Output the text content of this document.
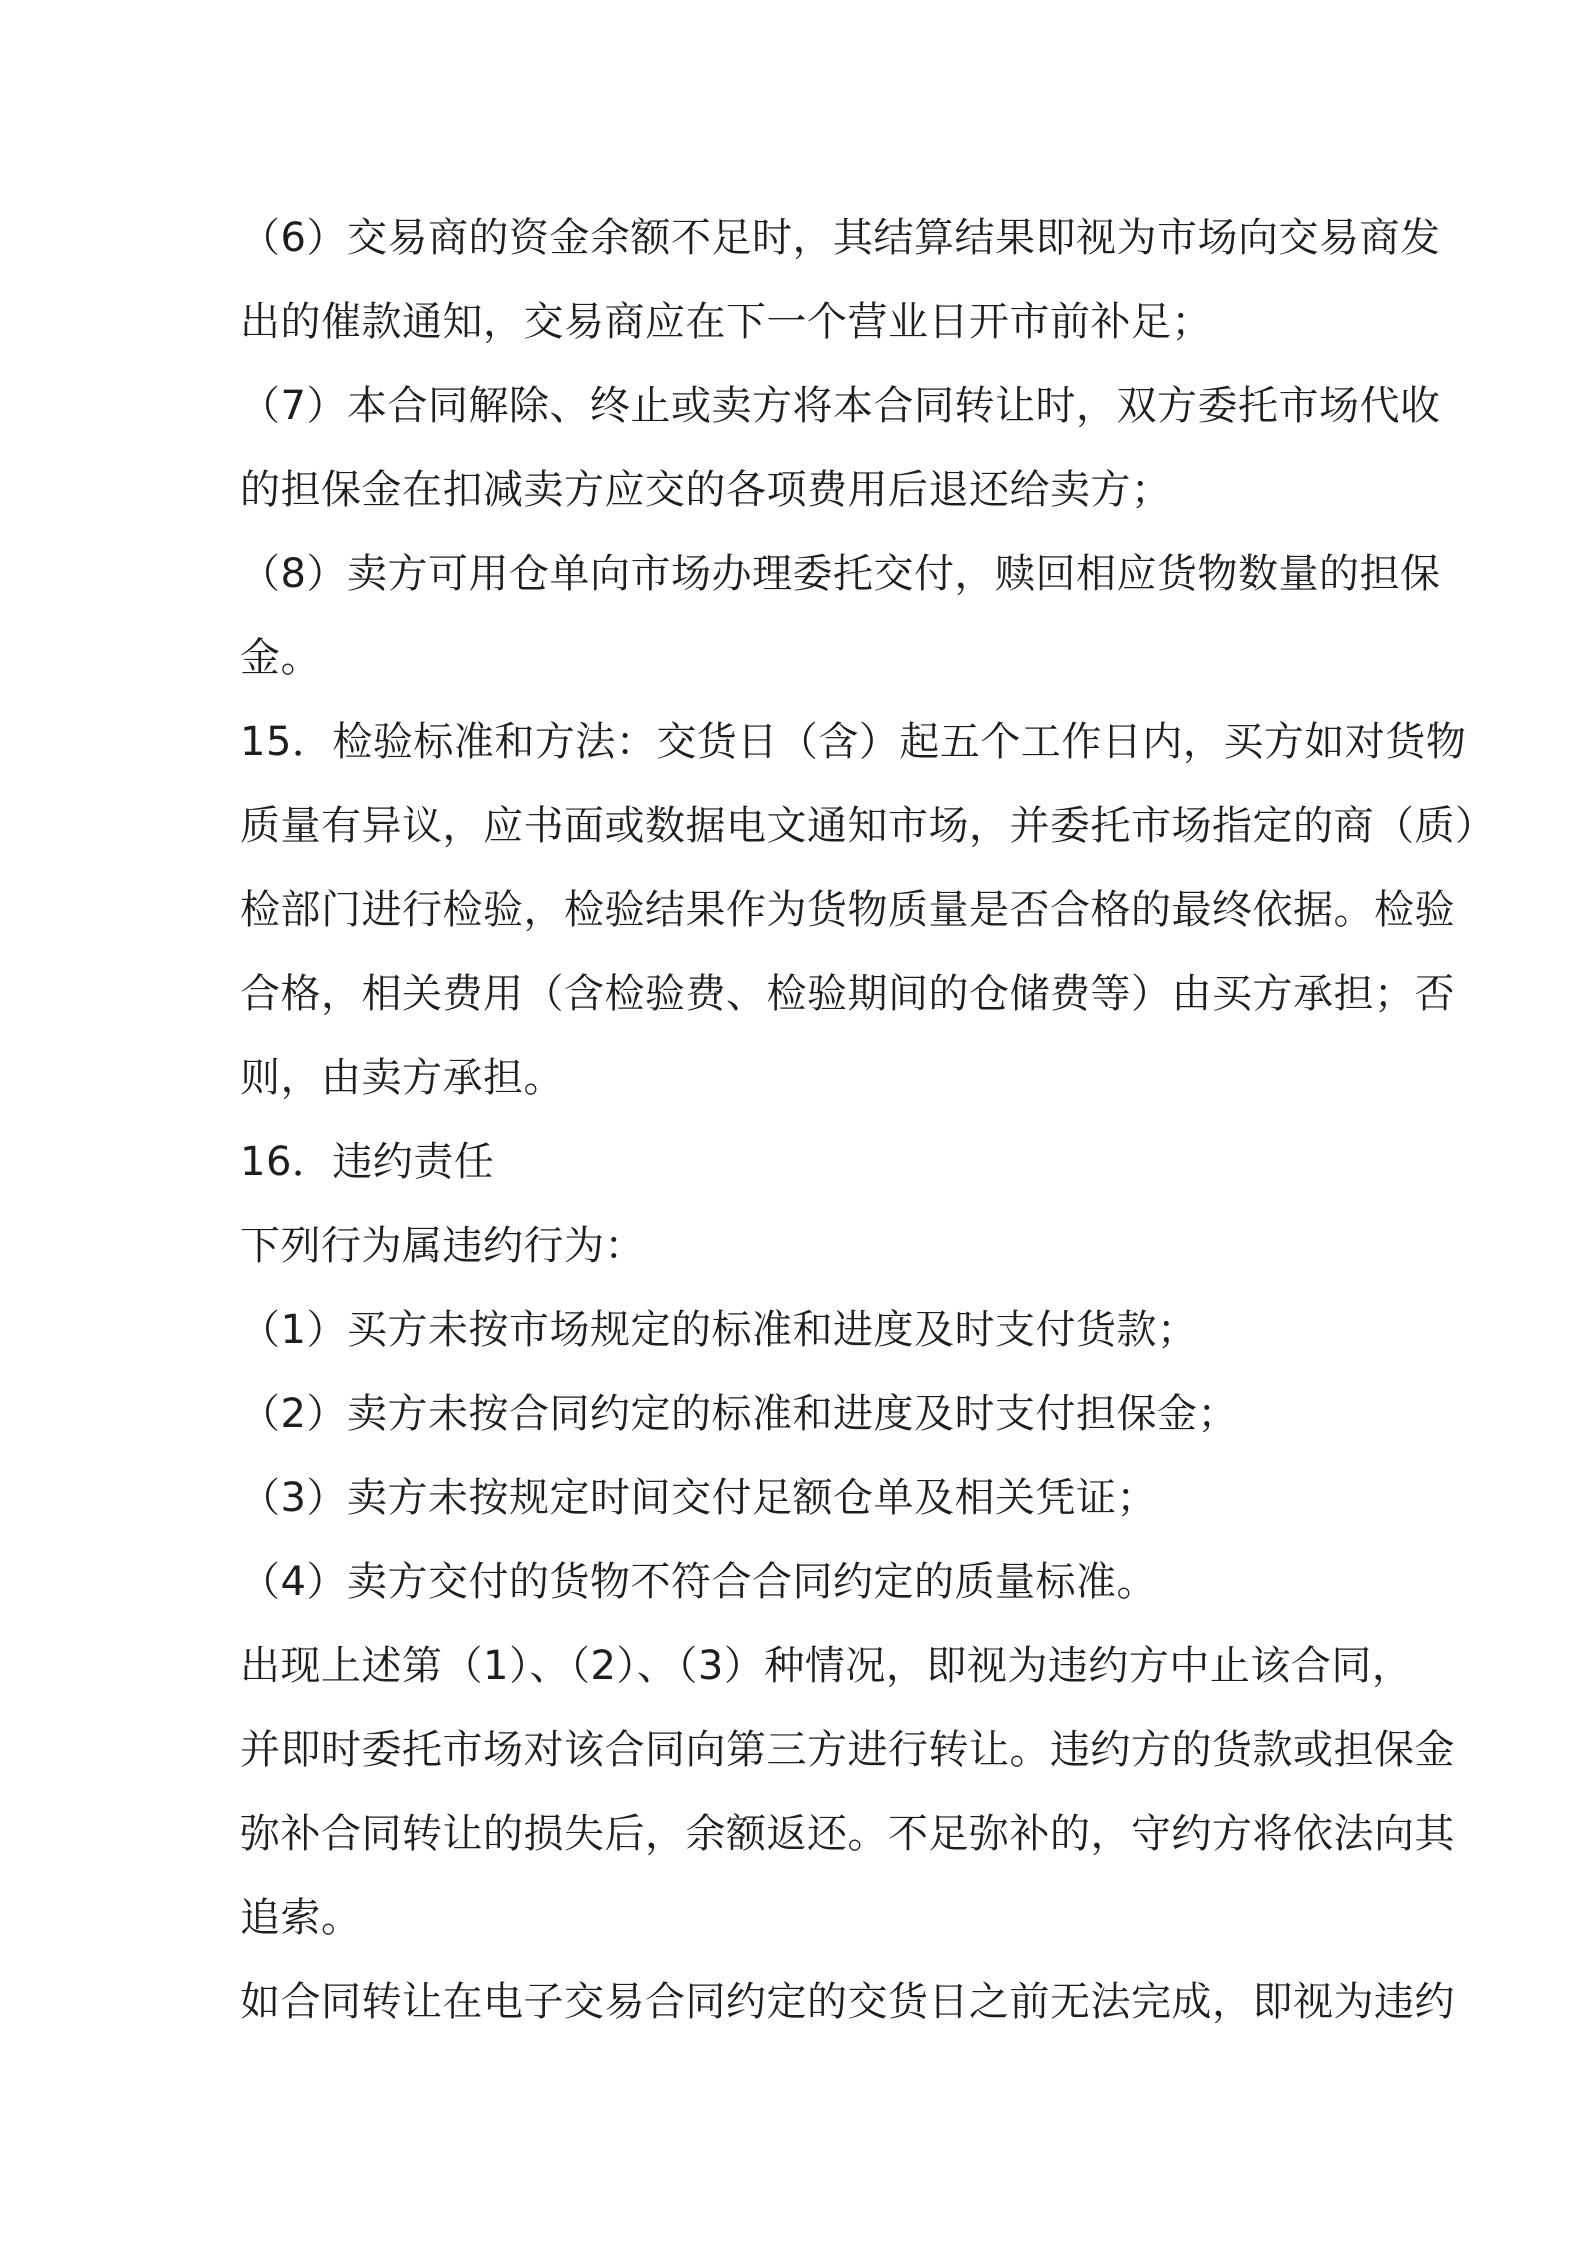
（6）交易商的资金余额不足时，其结算结果即视为市场向交易商发
出的催款通知，交易商应在下一个营业日开市前补足；
（7）本合同解除、终止或卖方将本合同转让时，双方委托市场代收
的担保金在扣减卖方应交的各项费用后退还给卖方；
（8）卖方可用仓单向市场办理委托交付，赎回相应货物数量的担保
金。
15．检验标准和方法：交货日（含）起五个工作日内，买方如对货物
质量有异议，应书面或数据电文通知市场，并委托市场指定的商（质）
检部门进行检验，检验结果作为货物质量是否合格的最终依据。检验
合格，相关费用（含检验费、检验期间的仓储费等）由买方承担；否
则，由卖方承担。
16．违约责任
下列行为属违约行为：
（1）买方未按市场规定的标准和进度及时支付货款；
（2）卖方未按合同约定的标准和进度及时支付担保金；
（3）卖方未按规定时间交付足额仓单及相关凭证；
（4）卖方交付的货物不符合合同约定的质量标准。
出现上述第（1）、（2）、（3）种情况，即视为违约方中止该合同，
并即时委托市场对该合同向第三方进行转让。违约方的货款或担保金
弥补合同转让的损失后，余额返还。不足弥补的，守约方将依法向其
追索。
如合同转让在电子交易合同约定的交货日之前无法完成，即视为违约
